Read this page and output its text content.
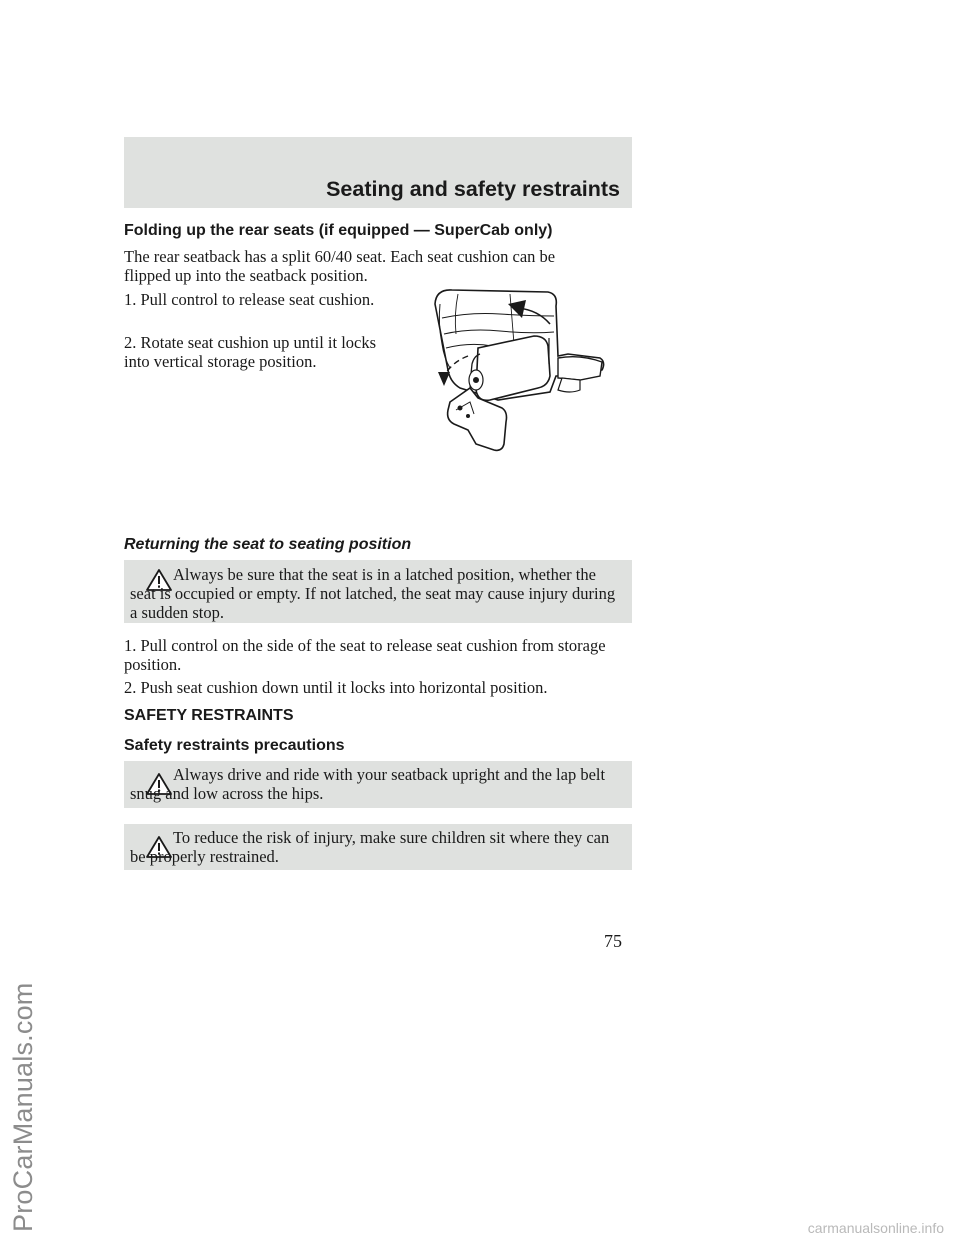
ProCarManuals.com
Seating and safety restraints
Folding up the rear seats (if equipped — SuperCab only)
The rear seatback has a split 60/40 seat. Each seat cushion can be flipped up into the seatback position.
1. Pull control to release seat cushion.
2. Rotate seat cushion up until it locks into vertical storage position.
Returning the seat to seating position
Always be sure that the seat is in a latched position, whether the seat is occupied or empty. If not latched, the seat may cause injury during a sudden stop.
1. Pull control on the side of the seat to release seat cushion from storage position.
2. Push seat cushion down until it locks into horizontal position.
SAFETY RESTRAINTS
Safety restraints precautions
Always drive and ride with your seatback upright and the lap belt snug and low across the hips.
To reduce the risk of injury, make sure children sit where they can be properly restrained.
75
carmanualsonline.info
